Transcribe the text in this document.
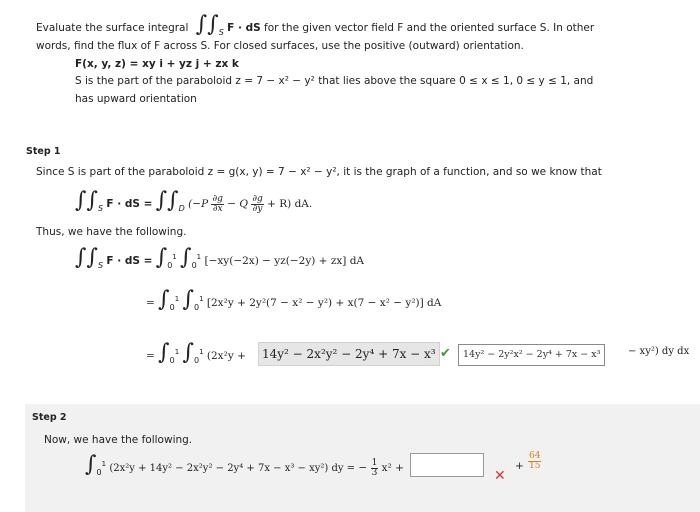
Evaluate the surface integral $\int\int_S$ F · dS for the given vector field F and the oriented surface S. In other
words, find the flux of F across S. For closed surfaces, use the positive (outward) orientation.
F(x, y, z) = xy i + yz j + zx k
S is the part of the paraboloid z = 7 − x² − y² that lies above the square 0 ≤ x ≤ 1, 0 ≤ y ≤ 1, and
has upward orientation
Step 1
Since S is part of the paraboloid z = g(x, y) = 7 − x² − y², it is the graph of a function, and so we know that
$\int\int_S$ F · dS = $\int\int_D$ $(-P \frac{\partial g}{\partial x} - Q \frac{\partial g}{\partial y} + R)$ dA.
Thus, we have the following.
$\int\int_S$ F · dS = $\int_0^1$ $\int_0^1$ [−xy(−2x) − yz(−2y) + zx] dA
= $\int_0^1$ $\int_0^1$ [2x²y + 2y²(7 − x² − y²) + x(7 − x² − y²)] dA
= $\int_0^1$ $\int_0^1$ (2x²y +	14y² − 2x²y² − 2y⁴ + 7x − x³ ✔	14y² − 2y²x² − 2y⁴ + 7x − x³	− xy²) dy dx
Step 2
Now, we have the following.
$\int_0^1$ (2x²y + 14y² − 2x²y² − 2y⁴ + 7x − x³ − xy²) dy = − $\frac{1}{3} x^2$ +	✕
+ $\frac{64}{15}$
